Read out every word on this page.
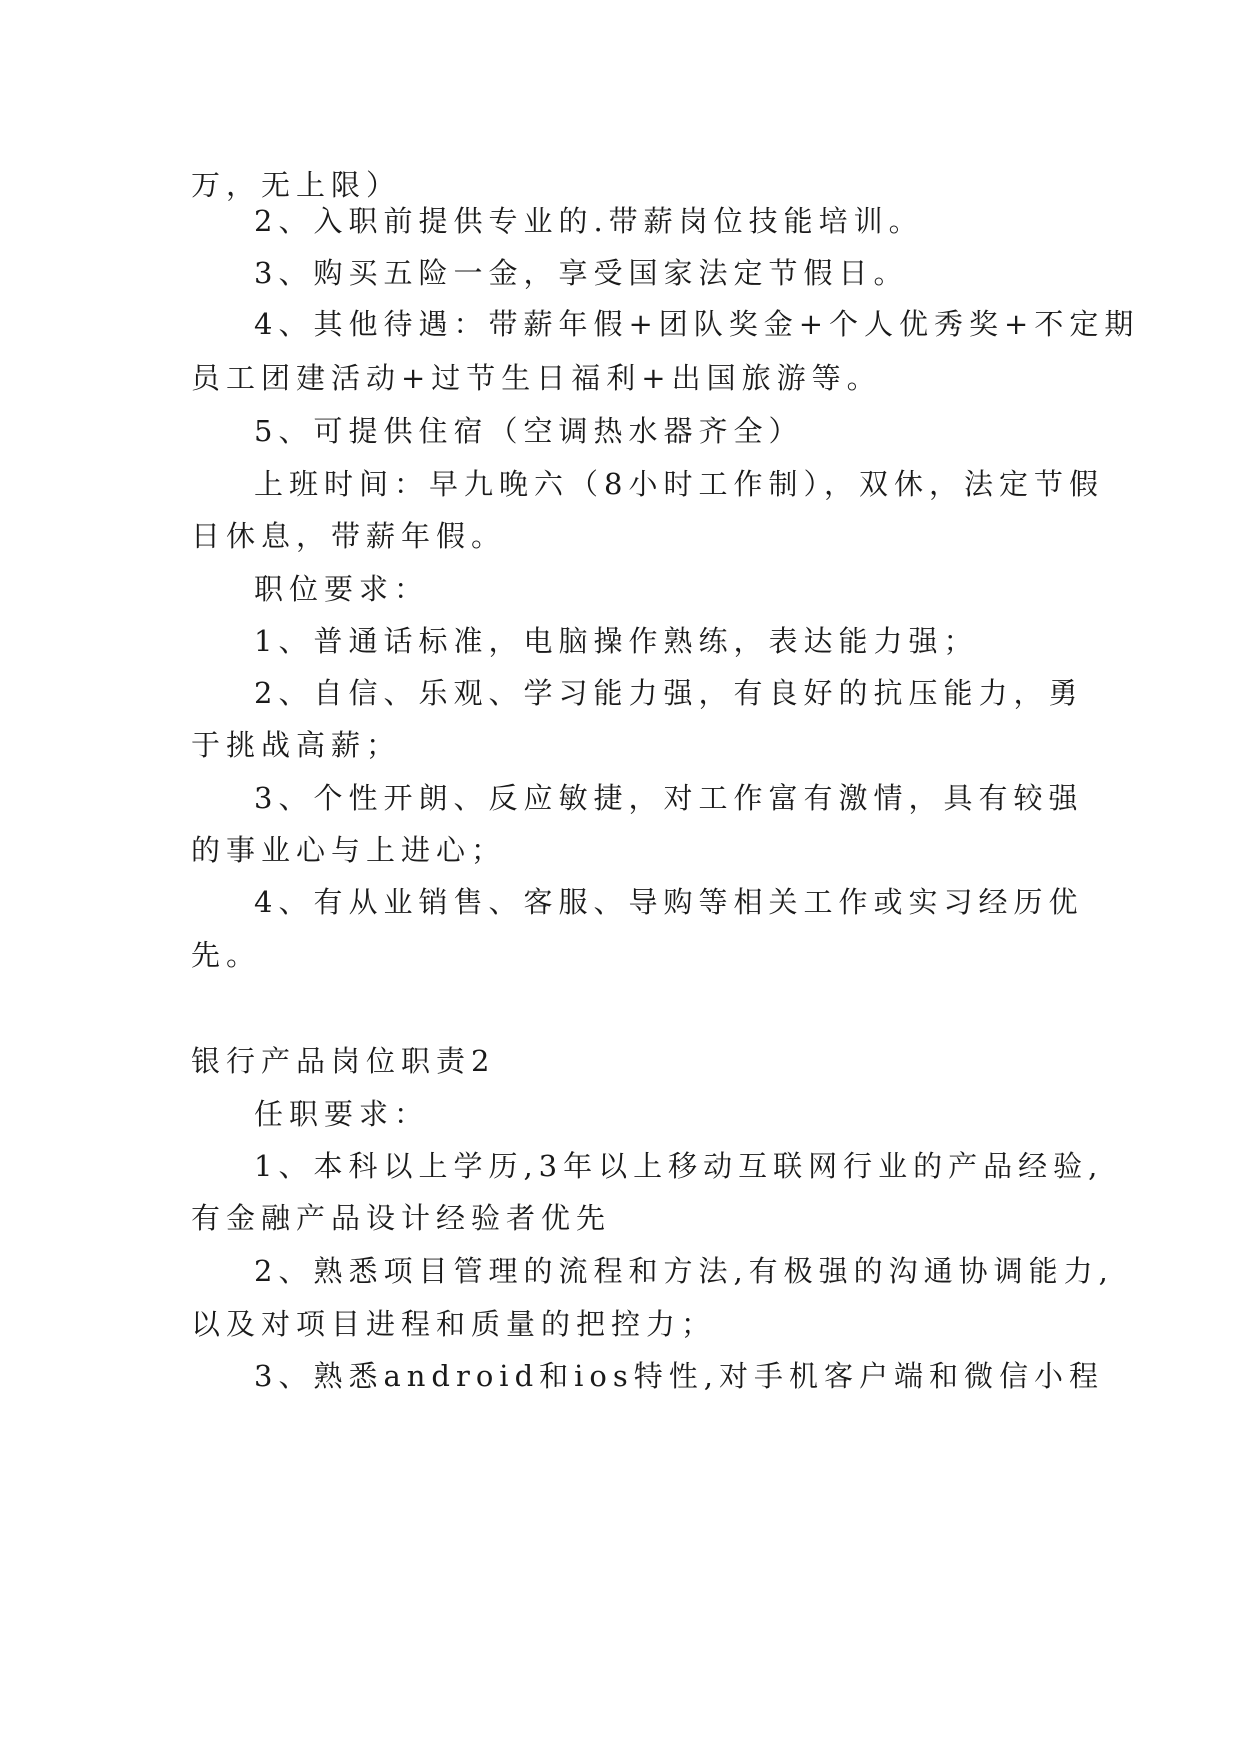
万，无上限）
2、入职前提供专业的.带薪岗位技能培训。
3、购买五险一金，享受国家法定节假日。
4、其他待遇：带薪年假+团队奖金+个人优秀奖+不定期
员工团建活动+过节生日福利+出国旅游等。
5、可提供住宿（空调热水器齐全）
上班时间：早九晚六（8小时工作制），双休，法定节假
日休息，带薪年假。
职位要求：
1、普通话标准，电脑操作熟练，表达能力强；
2、自信、乐观、学习能力强，有良好的抗压能力，勇
于挑战高薪；
3、个性开朗、反应敏捷，对工作富有激情，具有较强
的事业心与上进心；
4、有从业销售、客服、导购等相关工作或实习经历优
先。
银行产品岗位职责2
任职要求：
1、本科以上学历,3年以上移动互联网行业的产品经验,
有金融产品设计经验者优先
2、熟悉项目管理的流程和方法,有极强的沟通协调能力,
以及对项目进程和质量的把控力；
3、熟悉android和ios特性,对手机客户端和微信小程
